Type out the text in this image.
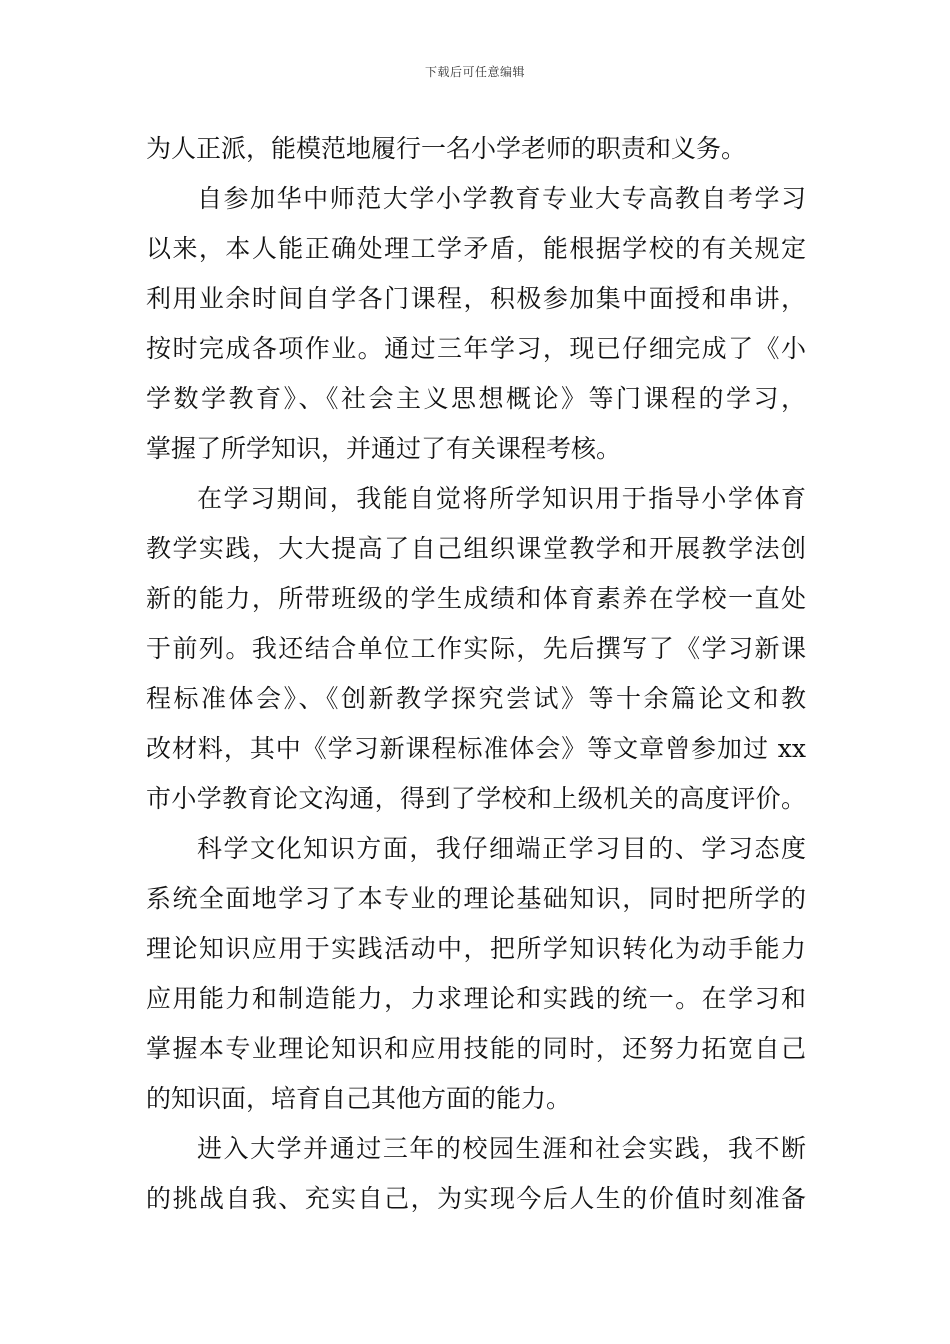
下载后可任意编辑
为人正派，能模范地履行一名小学老师的职责和义务。
自参加华中师范大学小学教育专业大专高教自考学习
以来，本人能正确处理工学矛盾，能根据学校的有关规定
利用业余时间自学各门课程，积极参加集中面授和串讲，
按时完成各项作业。通过三年学习，现已仔细完成了《小
学数学教育》、《社会主义思想概论》等门课程的学习，
掌握了所学知识，并通过了有关课程考核。
在学习期间，我能自觉将所学知识用于指导小学体育
教学实践，大大提高了自己组织课堂教学和开展教学法创
新的能力，所带班级的学生成绩和体育素养在学校一直处
于前列。我还结合单位工作实际，先后撰写了《学习新课
程标准体会》、《创新教学探究尝试》等十余篇论文和教
改材料，其中《学习新课程标准体会》等文章曾参加过 xx
市小学教育论文沟通，得到了学校和上级机关的高度评价。
科学文化知识方面，我仔细端正学习目的、学习态度
系统全面地学习了本专业的理论基础知识，同时把所学的
理论知识应用于实践活动中，把所学知识转化为动手能力
应用能力和制造能力，力求理论和实践的统一。在学习和
掌握本专业理论知识和应用技能的同时，还努力拓宽自己
的知识面，培育自己其他方面的能力。
进入大学并通过三年的校园生涯和社会实践，我不断
的挑战自我、充实自己，为实现今后人生的价值时刻准备
